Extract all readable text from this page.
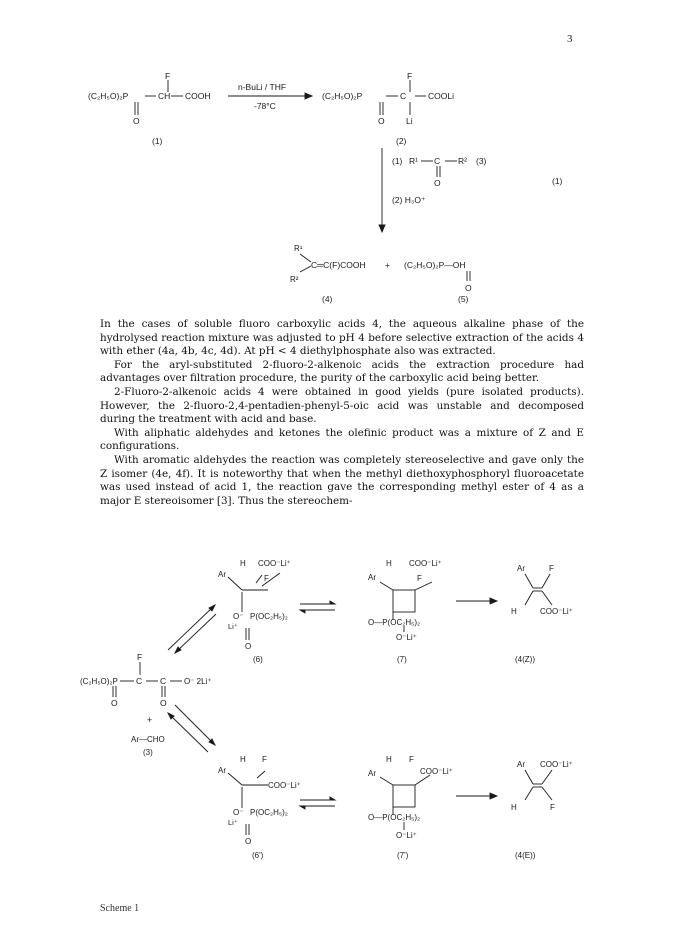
3
F
(C₂H₅O)₂P	CH COOH
O
(1)
n-BuLi / THF
-78°C
F
(C₂H₅O)₂P	C	COOLi
O	Li
(2)
(1) R¹ C R² (3)
O
(2) H₃O⁺
(1)
R¹
R²
C═C(F)COOH + (C₂H₅O)₂P—OH
O
(4)	(5)

In the cases of soluble fluoro carboxylic acids 4, the aqueous alkaline phase of the hydrolysed reaction mixture was adjusted to pH 4 before selective extraction of the acids 4 with ether (4a, 4b, 4c, 4d). At pH < 4 diethylphosphate also was extracted.

For the aryl-substituted 2-fluoro-2-alkenoic acids the extraction procedure had advantages over filtration procedure, the purity of the carboxylic acid being better.

2-Fluoro-2-alkenoic acids 4 were obtained in good yields (pure isolated products). However, the 2-fluoro-2,4-pentadien-phenyl-5-oic acid was unstable and decomposed during the treatment with acid and base.

With aliphatic aldehydes and ketones the olefinic product was a mixture of Z and E configurations.

With aromatic aldehydes the reaction was completely stereoselective and gave only the Z isomer (4e, 4f). It is noteworthy that when the methyl diethoxyphosphoryl fluoroacetate was used instead of acid 1, the reaction gave the corresponding methyl ester of 4 as a major E stereoisomer [3]. Thus the stereochem-

F
(C₂H₅O)₂P C C O⁻ 2Li⁺
O	O
+
Ar—CHO
(3)
H
Ar
COO⁻Li⁺
F
O⁻
Li⁺
P(OC₂H₅)₂
O
(6)
H
Ar
COO⁻Li⁺
F
O—P(OC₂H₅)₂
O⁻Li⁺
(7)
Ar	F
H	COO⁻Li⁺
(4(Z))
H
Ar
F
COO⁻Li⁺
O⁻
Li⁺
P(OC₂H₅)₂
O
(6')
H
Ar
F
COO⁻Li⁺
O—P(OC₂H₅)₂
O⁻Li⁺
(7')
Ar COO⁻Li⁺
H	F
(4(E))
Scheme 1
